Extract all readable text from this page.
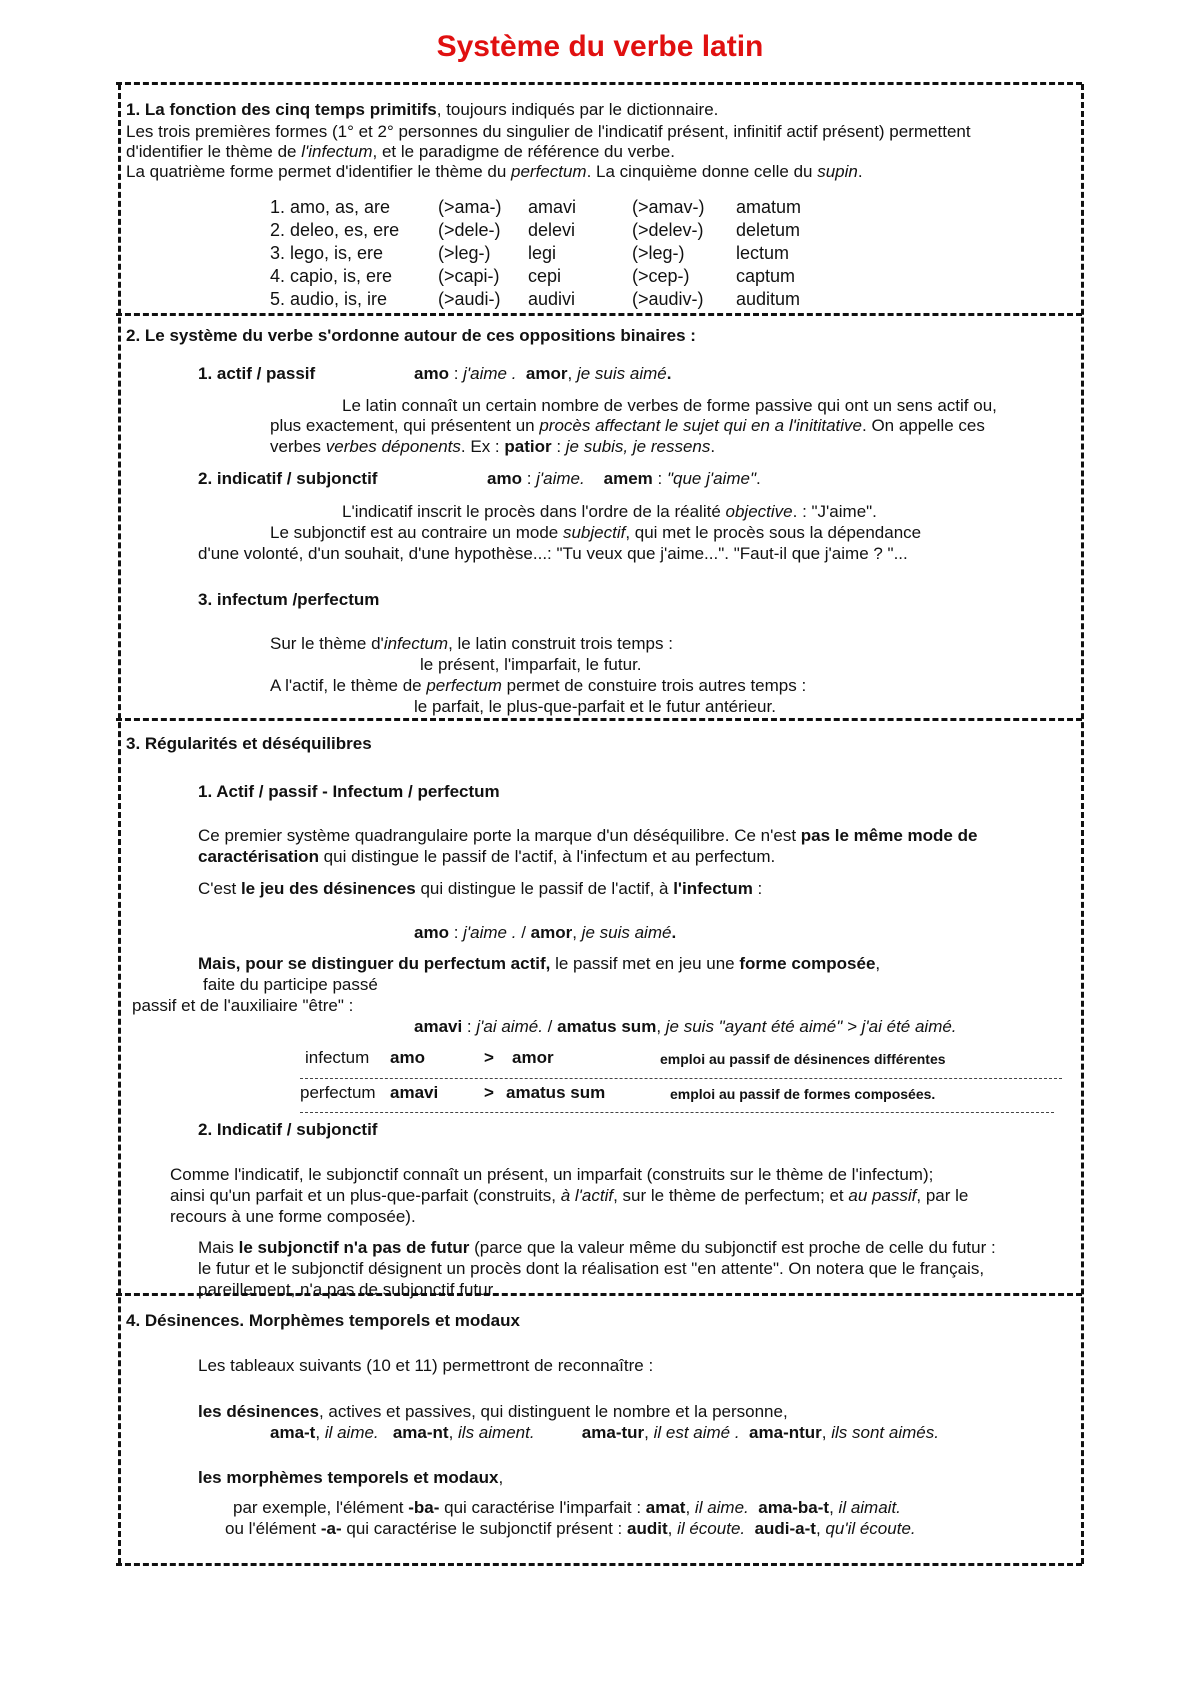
Système du verbe latin
1. La fonction des cinq temps primitifs, toujours indiqués par le dictionnaire.
Les trois premières formes (1° et 2° personnes du singulier de l'indicatif présent, infinitif actif présent) permettent
d'identifier le thème de l'infectum, et le paradigme de référence du verbe.
La quatrième forme permet d'identifier le thème du perfectum. La cinquième donne celle du supin.
1. amo, as, are	(>ama-) amavi	(>amav-) amatum
2. deleo, es, ere (>dele-) delevi	(>delev-) deletum
3. lego, is, ere	(>leg-) legi	(>leg-)	lectum
4. capio, is, ere	(>capi-) cepi	(>cep-)	captum
5. audio, is, ire	(>audi-) audivi	(>audiv-) auditum
2. Le système du verbe s'ordonne autour de ces oppositions binaires :
1. actif / passif	amo : j'aime . amor, je suis aimé.
Le latin connaît un certain nombre de verbes de forme passive qui ont un sens actif ou,
plus exactement, qui présentent un procès affectant le sujet qui en a l'inititative. On appelle ces
verbes verbes déponents. Ex : patior : je subis, je ressens.
2. indicatif / subjonctif	amo : j'aime. amem : "que j'aime".
L'indicatif inscrit le procès dans l'ordre de la réalité objective. : "J'aime".
Le subjonctif est au contraire un mode subjectif, qui met le procès sous la dépendance
d'une volonté, d'un souhait, d'une hypothèse...: "Tu veux que j'aime...". "Faut-il que j'aime ? "...
3. infectum /perfectum
Sur le thème d'infectum, le latin construit trois temps :
le présent, l'imparfait, le futur.
A l'actif, le thème de perfectum permet de constuire trois autres temps :
le parfait, le plus-que-parfait et le futur antérieur.
3. Régularités et déséquilibres
1. Actif / passif - Infectum / perfectum
Ce premier système quadrangulaire porte la marque d'un déséquilibre. Ce n'est pas le même mode de
caractérisation qui distingue le passif de l'actif, à l'infectum et au perfectum.
C'est le jeu des désinences qui distingue le passif de l'actif, à l'infectum :
amo : j'aime . / amor, je suis aimé.
Mais, pour se distinguer du perfectum actif, le passif met en jeu une forme composée,
faite du participe passé
passif et de l'auxiliaire "être" :
amavi : j'ai aimé. / amatus sum, je suis "ayant été aimé" > j'ai été aimé.
infectum amo	> amor	emploi au passif de désinences différentes
perfectum amavi	> amatus sum	emploi au passif de formes composées.
2. Indicatif / subjonctif
Comme l'indicatif, le subjonctif connaît un présent, un imparfait (construits sur le thème de l'infectum);
ainsi qu'un parfait et un plus-que-parfait (construits, à l'actif, sur le thème de perfectum; et au passif, par le
recours à une forme composée).
Mais le subjonctif n'a pas de futur (parce que la valeur même du subjonctif est proche de celle du futur :
le futur et le subjonctif désignent un procès dont la réalisation est "en attente". On notera que le français,
pareillement, n'a pas de subjonctif futur.
4. Désinences. Morphèmes temporels et modaux
Les tableaux suivants (10 et 11) permettront de reconnaître :
les désinences, actives et passives, qui distinguent le nombre et la personne,
ama-t, il aime. ama-nt, ils aiment.	ama-tur, il est aimé . ama-ntur, ils sont aimés.
les morphèmes temporels et modaux,
par exemple, l'élément -ba- qui caractérise l'imparfait : amat, il aime. ama-ba-t, il aimait.
ou l'élément -a- qui caractérise le subjonctif présent : audit, il écoute. audi-a-t, qu'il écoute.
